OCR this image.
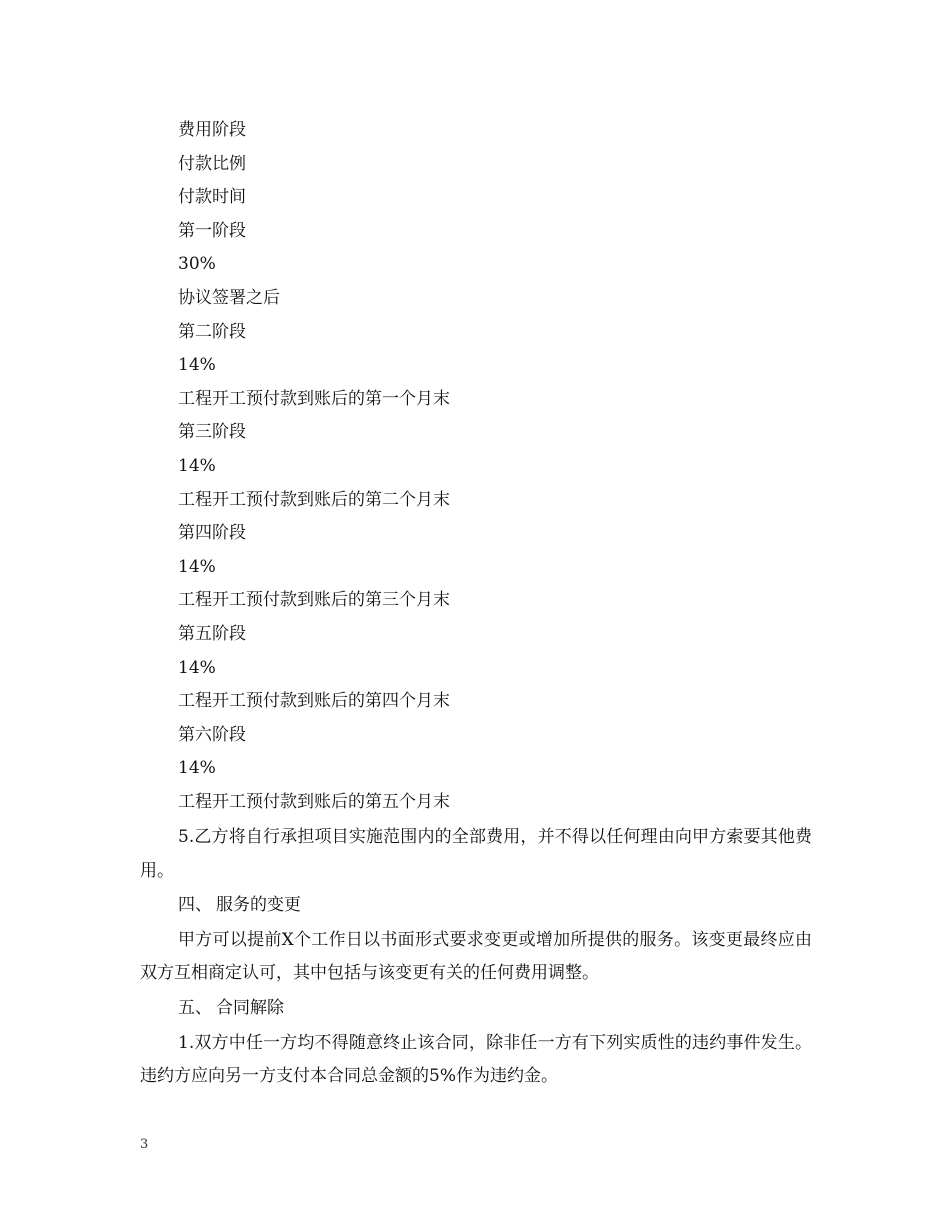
费用阶段
付款比例
付款时间
第一阶段
30%
协议签署之后
第二阶段
14%
工程开工预付款到账后的第一个月末
第三阶段
14%
工程开工预付款到账后的第二个月末
第四阶段
14%
工程开工预付款到账后的第三个月末
第五阶段
14%
工程开工预付款到账后的第四个月末
第六阶段
14%
工程开工预付款到账后的第五个月末

5.乙方将自行承担项目实施范围内的全部费用，并不得以任何理由向甲方索要其他费用。

四、 服务的变更

甲方可以提前X个工作日以书面形式要求变更或增加所提供的服务。该变更最终应由双方互相商定认可，其中包括与该变更有关的任何费用调整。

五、 合同解除

1.双方中任一方均不得随意终止该合同，除非任一方有下列实质性的违约事件发生。违约方应向另一方支付本合同总金额的5%作为违约金。

3
